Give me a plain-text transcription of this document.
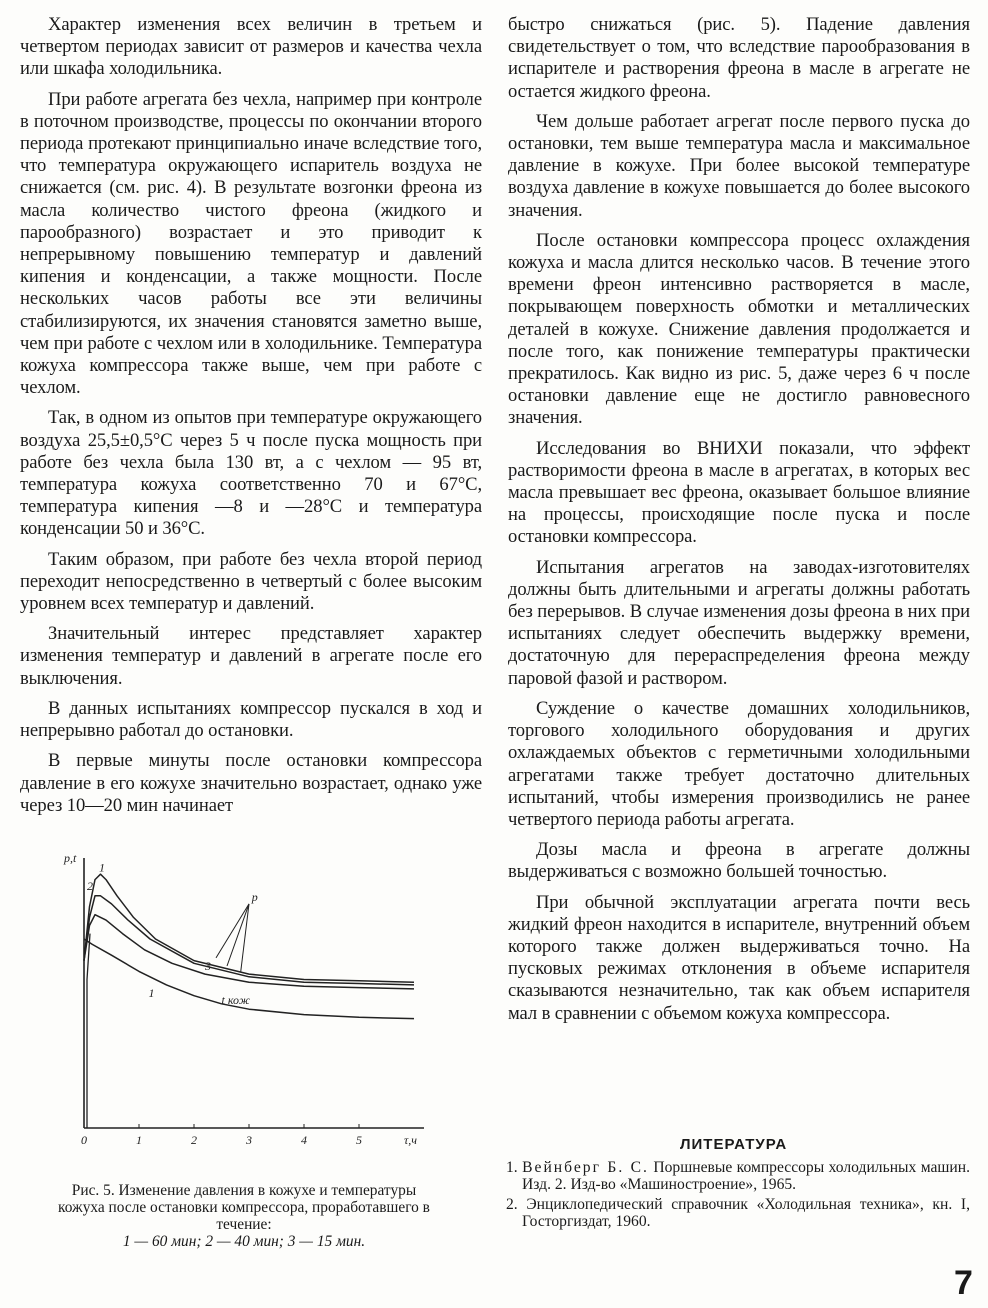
Характер изменения всех величин в третьем и четвертом периодах зависит от размеров и качества чехла или шкафа холодильника.

При работе агрегата без чехла, например при контроле в поточном производстве, процессы по окончании второго периода протекают принципиально иначе вследствие того, что температура окружающего испаритель воздуха не снижается (см. рис. 4). В результате возгонки фреона из масла количество чистого фреона (жидкого и парообразного) возрастает и это приводит к непрерывному повышению температур и давлений кипения и конденсации, а также мощности. После нескольких часов работы все эти величины стабилизируются, их значения становятся заметно выше, чем при работе с чехлом или в холодильнике. Температура кожуха компрессора также выше, чем при работе с чехлом.

Так, в одном из опытов при температуре окружающего воздуха 25,5±0,5°С через 5 ч после пуска мощность при работе без чехла была 130 вт, а с чехлом — 95 вт, температура кожуха соответственно 70 и 67°С, температура кипения —8 и —28°С и температура конденсации 50 и 36°С.

Таким образом, при работе без чехла второй период переходит непосредственно в четвертый с более высоким уровнем всех температур и давлений.

Значительный интерес представляет характер изменения температур и давлений в агрегате после его выключения.

В данных испытаниях компрессор пускался в ход и непрерывно работал до остановки.

В первые минуты после остановки компрессора давление в его кожухе значительно возрастает, однако уже через 10—20 мин начинает

быстро снижаться (рис. 5). Падение давления свидетельствует о том, что вследствие парообразования в испарителе и растворения фреона в масле в агрегате не остается жидкого фреона.

Чем дольше работает агрегат после первого пуска до остановки, тем выше температура масла и максимальное давление в кожухе. При более высокой температуре воздуха давление в кожухе повышается до более высокого значения.

После остановки компрессора процесс охлаждения кожуха и масла длится несколько часов. В течение этого времени фреон интенсивно растворяется в масле, покрывающем поверхность обмотки и металлических деталей в кожухе. Снижение давления продолжается и после того, как понижение температуры практически прекратилось. Как видно из рис. 5, даже через 6 ч после остановки давление еще не достигло равновесного значения.

Исследования во ВНИХИ показали, что эффект растворимости фреона в масле в агрегатах, в которых вес масла превышает вес фреона, оказывает большое влияние на процессы, происходящие после пуска и после остановки компрессора.

Испытания агрегатов на заводах-изготовителях должны быть длительными и агрегаты должны работать без перерывов. В случае изменения дозы фреона в них при испытаниях следует обеспечить выдержку времени, достаточную для перераспределения фреона между паровой фазой и раствором.

Суждение о качестве домашних холодильников, торгового холодильного оборудования и других охлаждаемых объектов с герметичными холодильными агрегатами также требует достаточно длительных испытаний, чтобы измерения производились не ранее четвертого периода работы агрегата.

Дозы масла и фреона в агрегате должны выдерживаться с возможно большей точностью.

При обычной эксплуатации агрегата почти весь жидкий фреон находится в испарителе, внутренний объем которого также должен выдерживаться точно. На пусковых режимах отклонения в объеме испарителя сказываются незначительно, так как объем испарителя мал в сравнении с объемом кожуха компрессора.

0	1	2	3	4	5
p,t
τ,ч
1
2
3
1
p
t кож
Рис. 5. Изменение давления в кожухе и температуры кожуха после остановки компрессора, проработавшего в течение:
1 — 60 мин; 2 — 40 мин; 3 — 15 мин.
ЛИТЕРАТУРА
1. Вейнберг Б. С. Поршневые компрессоры холодильных машин. Изд. 2. Изд-во «Машиностроение», 1965.
2. Энциклопедический справочник «Холодильная техника», кн. I, Госторгиздат, 1960.
7
